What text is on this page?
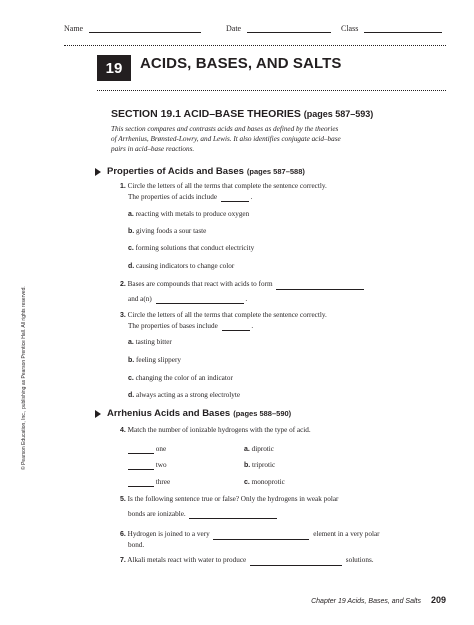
Name	Date	Class
19	ACIDS, BASES, AND SALTS
SECTION 19.1 ACID–BASE THEORIES (pages 587–593)
This section compares and contrasts acids and bases as defined by the theories
of Arrhenius, Brønsted-Lowry, and Lewis. It also identifies conjugate acid–base
pairs in acid–base reactions.
Properties of Acids and Bases (pages 587–588)
1. Circle the letters of all the terms that complete the sentence correctly.
The properties of acids include	.
a. reacting with metals to produce oxygen
b. giving foods a sour taste
c. forming solutions that conduct electricity
d. causing indicators to change color
2. Bases are compounds that react with acids to form
and a(n)	.
3. Circle the letters of all the terms that complete the sentence correctly.
The properties of bases include	.
a. tasting bitter
b. feeling slippery
c. changing the color of an indicator
d. always acting as a strong electrolyte
Arrhenius Acids and Bases (pages 588–590)
4. Match the number of ionizable hydrogens with the type of acid.
one	a. diprotic
two	b. triprotic
three	c. monoprotic
5. Is the following sentence true or false? Only the hydrogens in weak polar
bonds are ionizable.
6. Hydrogen is joined to a very	element in a very polar
bond.
7. Alkali metals react with water to produce	solutions.
© Pearson Education, Inc., publishing as Pearson Prentice Hall. All rights reserved.
Chapter 19 Acids, Bases, and Salts 209
